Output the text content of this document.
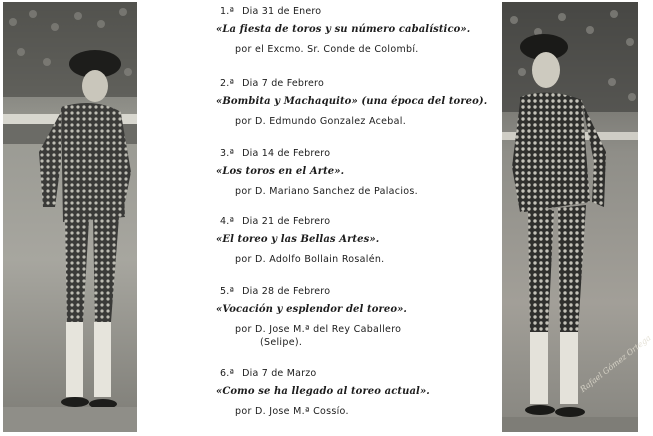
1.ª Dia 31 de Enero
«La fiesta de toros y su número cabalístico».
por el Excmo. Sr. Conde de Colombí.
2.ª Dia 7 de Febrero
«Bombita y Machaquito» (una época del toreo).
por D. Edmundo Gonzalez Acebal.
3.ª Dia 14 de Febrero
«Los toros en el Arte».
por D. Mariano Sanchez de Palacios.
4.ª Dia 21 de Febrero
«El toreo y las Bellas Artes».
por D. Adolfo Bollain Rosalén.
5.ª Dia 28 de Febrero
«Vocación y esplendor del toreo».
por D. Jose M.ª del Rey Caballero
(Selipe).
6.ª Dia 7 de Marzo
«Como se ha llegado al toreo actual».
por D. Jose M.ª Cossío.
Rafael Gómez Ortega
